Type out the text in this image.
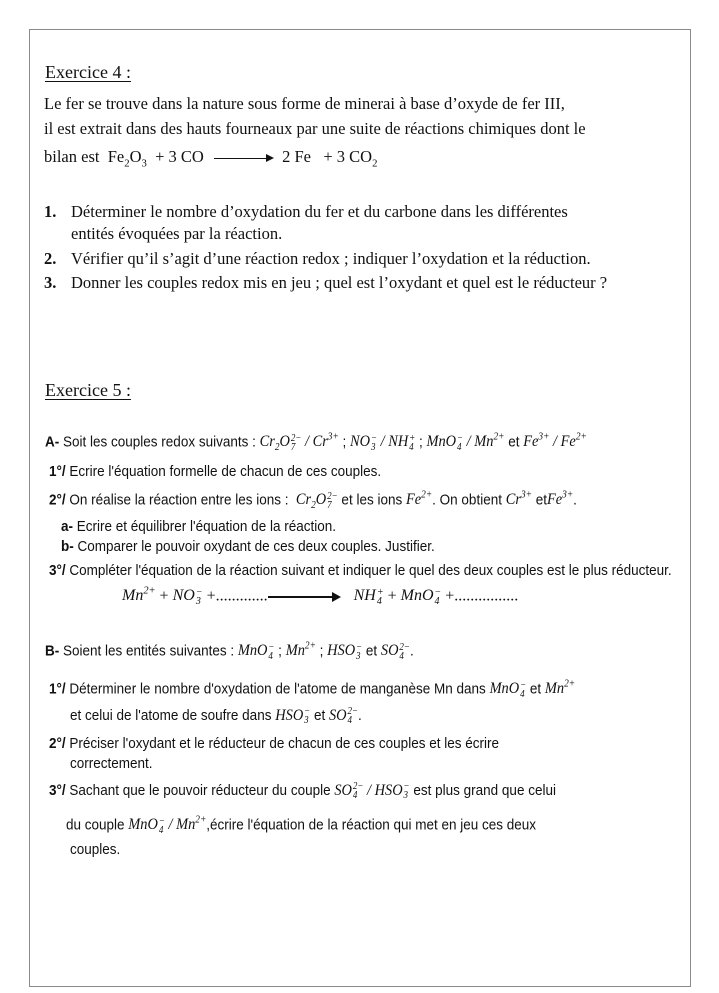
Exercice 4 :
Le fer se trouve dans la nature sous forme de minerai à base d’oxyde de fer III,
il est extrait dans des hauts fourneaux par une suite de réactions chimiques dont le
bilan est $Fe_2O_3 + 3$ CO → 2 Fe + 3 $CO_2$
1. Déterminer le nombre d’oxydation du fer et du carbone dans les différentes
entités évoquées par la réaction.
2. Vérifier qu’il s’agit d’une réaction redox ; indiquer l’oxydation et la réduction.
3. Donner les couples redox mis en jeu ; quel est l’oxydant et quel est le réducteur ?
Exercice 5 :
A- Soit les couples redox suivants : $Cr_2O$ 2−
$7 / Cr^{3+}$ ; NO −
3 / NH +
4 ; MnO −
$4 / Mn^{2+}$ et $Fe^{3+} / Fe^{2+}$
1°/ Ecrire l'équation formelle de chacun de ces couples.
2°/ On réalise la réaction entre les ions :  $Cr_2O$ 2−
7 et les ions $Fe^{2+}$. On obtient $Cr^{3+}$ etFe$^{3+}$.
a- Ecrire et équilibrer l'équation de la réaction.
b- Comparer le pouvoir oxydant de ces deux couples. Justifier.
3°/ Compléter l'équation de la réaction suivant et indiquer le quel des deux couples est le plus réducteur.
$Mn^{2+}$ + NO −
3 +.............	NH +
4 + MnO −
4 +................
B- Soient les entités suivantes : MnO −
4 ; $Mn^{2+}$ ; HSO −
3 et SO 2−
4 .
1°/ Déterminer le nombre d'oxydation de l'atome de manganèse Mn dans MnO −
4 et $Mn^{2+}$
et celui de l'atome de soufre dans HSO −
3 et SO 2−
4 .
2°/ Préciser l'oxydant et le réducteur de chacun de ces couples et les écrire
correctement.
3°/ Sachant que le pouvoir réducteur du couple SO 2−
4 / HSO −
3 est plus grand que celui
du couple MnO −
$4 / Mn^{2+},écrire$ l'équation de la réaction qui met en jeu ces deux
couples.
